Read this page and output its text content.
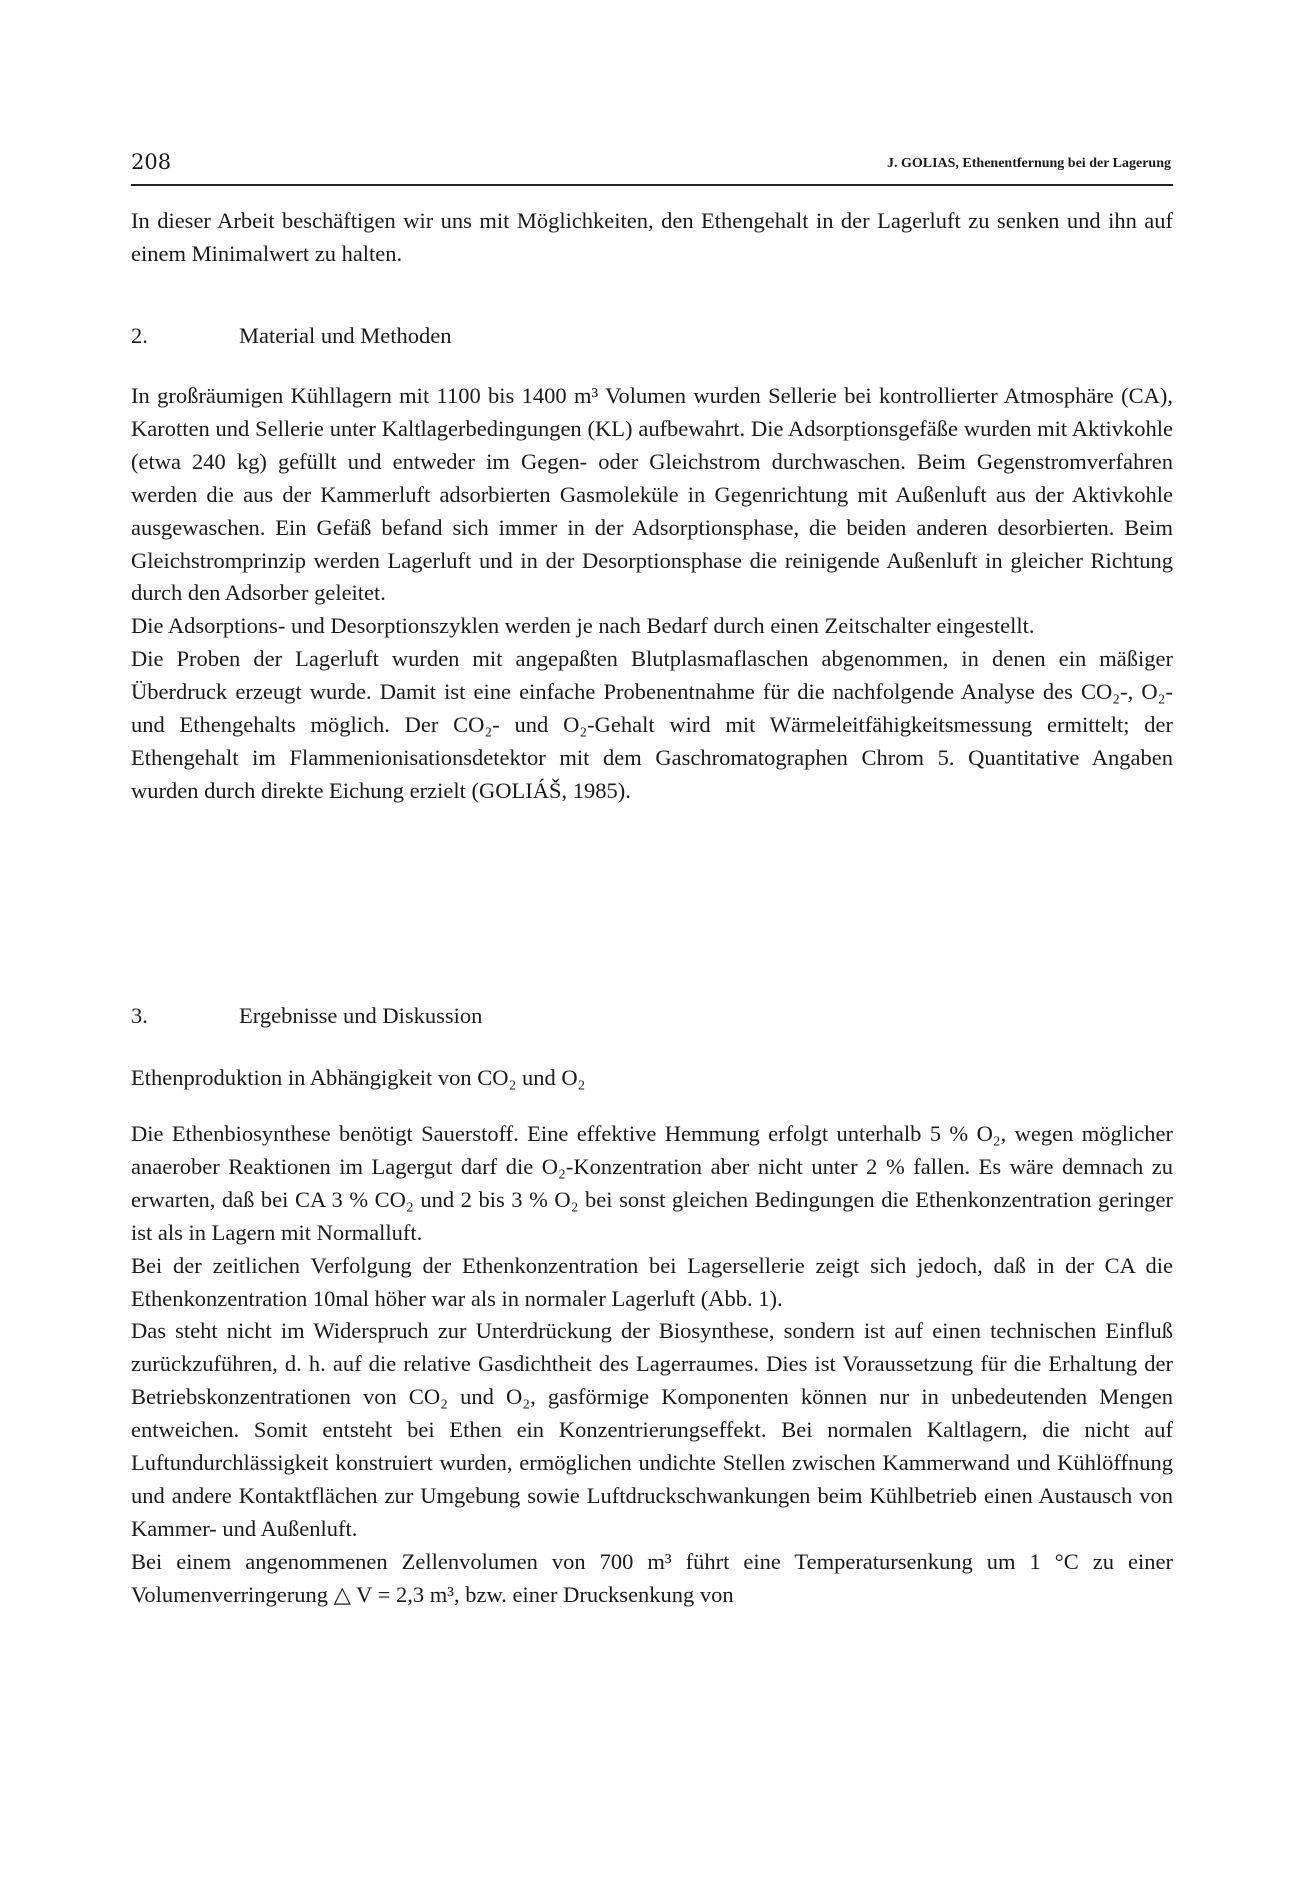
208	J. GOLIAS, Ethenentfernung bei der Lagerung

In dieser Arbeit beschäftigen wir uns mit Möglichkeiten, den Ethengehalt in der Lagerluft zu senken und ihn auf einem Minimalwert zu halten.

2.	Material und Methoden

In großräumigen Kühllagern mit 1100 bis 1400 m³ Volumen wurden Sellerie bei kontrollierter Atmosphäre (CA), Karotten und Sellerie unter Kaltlagerbedingungen (KL) aufbewahrt. Die Adsorptionsgefäße wurden mit Aktivkohle (etwa 240 kg) gefüllt und entweder im Gegen- oder Gleichstrom durchwaschen. Beim Gegenstromverfahren werden die aus der Kammerluft adsorbierten Gasmoleküle in Gegenrichtung mit Außenluft aus der Aktivkohle ausgewaschen. Ein Gefäß befand sich immer in der Adsorptionsphase, die beiden anderen desorbierten. Beim Gleichstromprinzip werden Lagerluft und in der Desorptionsphase die reinigende Außenluft in gleicher Richtung durch den Adsorber geleitet.

Die Adsorptions- und Desorptionszyklen werden je nach Bedarf durch einen Zeitschalter eingestellt.

Die Proben der Lagerluft wurden mit angepaßten Blutplasmaflaschen abgenommen, in denen ein mäßiger Überdruck erzeugt wurde. Damit ist eine einfache Probenentnahme für die nachfolgende Analyse des CO₂-, O₂- und Ethengehalts möglich. Der CO₂- und O₂-Gehalt wird mit Wärmeleitfähigkeitsmessung ermittelt; der Ethengehalt im Flammenionisationsdetektor mit dem Gaschromatographen Chrom 5. Quantitative Angaben wurden durch direkte Eichung erzielt (GOLIÁŠ, 1985).

3.	Ergebnisse und Diskussion
Ethenproduktion in Abhängigkeit von CO₂ und O₂

Die Ethenbiosynthese benötigt Sauerstoff. Eine effektive Hemmung erfolgt unterhalb 5 % O₂, wegen möglicher anaerober Reaktionen im Lagergut darf die O₂-Konzentration aber nicht unter 2 % fallen. Es wäre demnach zu erwarten, daß bei CA 3 % CO₂ und 2 bis 3 % O₂ bei sonst gleichen Bedingungen die Ethenkonzentration geringer ist als in Lagern mit Normalluft.

Bei der zeitlichen Verfolgung der Ethenkonzentration bei Lagersellerie zeigt sich jedoch, daß in der CA die Ethenkonzentration 10mal höher war als in normaler Lagerluft (Abb. 1).

Das steht nicht im Widerspruch zur Unterdrückung der Biosynthese, sondern ist auf einen technischen Einfluß zurückzuführen, d. h. auf die relative Gasdichtheit des Lagerraumes. Dies ist Voraussetzung für die Erhaltung der Betriebskonzentrationen von CO₂ und O₂, gasförmige Komponenten können nur in unbedeutenden Mengen entweichen. Somit entsteht bei Ethen ein Konzentrierungseffekt. Bei normalen Kaltlagern, die nicht auf Luftundurchlässigkeit konstruiert wurden, ermöglichen undichte Stellen zwischen Kammerwand und Kühlöffnung und andere Kontaktflächen zur Umgebung sowie Luftdruckschwankungen beim Kühlbetrieb einen Austausch von Kammer- und Außenluft.

Bei einem angenommenen Zellenvolumen von 700 m³ führt eine Temperatursenkung um 1 °C zu einer Volumenverringerung △ V = 2,3 m³, bzw. einer Drucksenkung von
